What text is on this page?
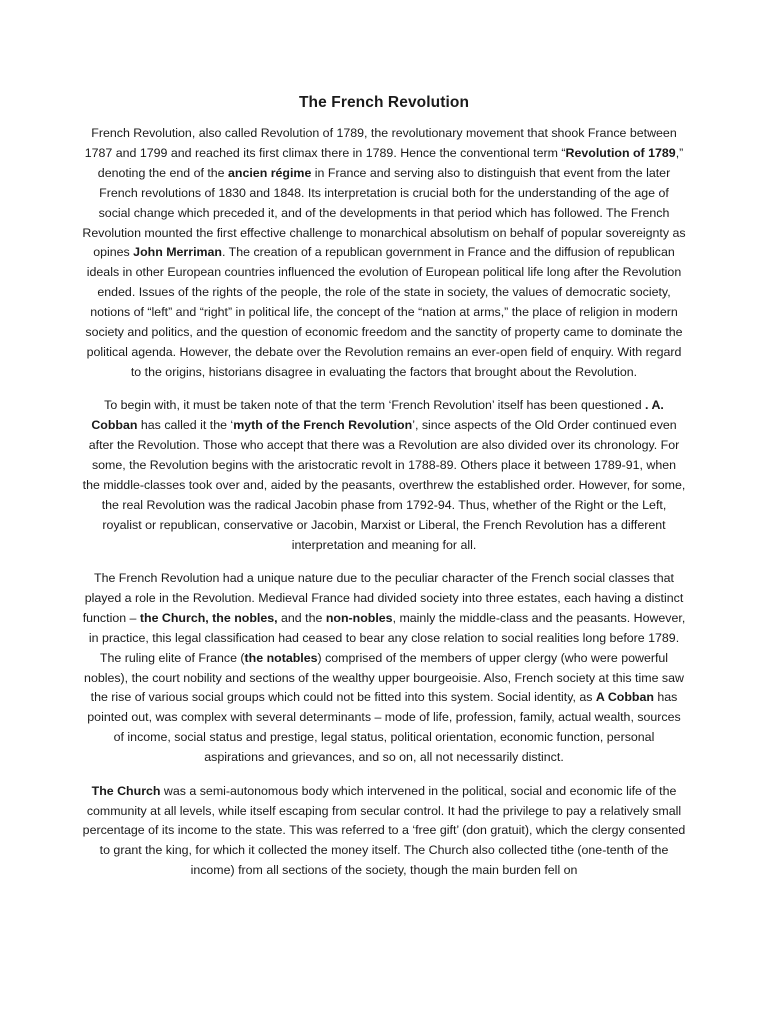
The French Revolution

French Revolution, also called Revolution of 1789, the revolutionary movement that shook France between 1787 and 1799 and reached its first climax there in 1789. Hence the conventional term “Revolution of 1789,” denoting the end of the ancien régime in France and serving also to distinguish that event from the later French revolutions of 1830 and 1848. Its interpretation is crucial both for the understanding of the age of social change which preceded it, and of the developments in that period which has followed. The French Revolution mounted the first effective challenge to monarchical absolutism on behalf of popular sovereignty as opines John Merriman. The creation of a republican government in France and the diffusion of republican ideals in other European countries influenced the evolution of European political life long after the Revolution ended. Issues of the rights of the people, the role of the state in society, the values of democratic society, notions of “left” and “right” in political life, the concept of the “nation at arms,” the place of religion in modern society and politics, and the question of economic freedom and the sanctity of property came to dominate the political agenda. However, the debate over the Revolution remains an ever-open field of enquiry. With regard to the origins, historians disagree in evaluating the factors that brought about the Revolution.

To begin with, it must be taken note of that the term ‘French Revolution’ itself has been questioned . A. Cobban has called it the ‘myth of the French Revolution’, since aspects of the Old Order continued even after the Revolution. Those who accept that there was a Revolution are also divided over its chronology. For some, the Revolution begins with the aristocratic revolt in 1788-89. Others place it between 1789-91, when the middle-classes took over and, aided by the peasants, overthrew the established order. However, for some, the real Revolution was the radical Jacobin phase from 1792-94. Thus, whether of the Right or the Left, royalist or republican, conservative or Jacobin, Marxist or Liberal, the French Revolution has a different interpretation and meaning for all.

The French Revolution had a unique nature due to the peculiar character of the French social classes that played a role in the Revolution. Medieval France had divided society into three estates, each having a distinct function – the Church, the nobles, and the non-nobles, mainly the middle-class and the peasants. However, in practice, this legal classification had ceased to bear any close relation to social realities long before 1789. The ruling elite of France (the notables) comprised of the members of upper clergy (who were powerful nobles), the court nobility and sections of the wealthy upper bourgeoisie. Also, French society at this time saw the rise of various social groups which could not be fitted into this system. Social identity, as A Cobban has pointed out, was complex with several determinants – mode of life, profession, family, actual wealth, sources of income, social status and prestige, legal status, political orientation, economic function, personal aspirations and grievances, and so on, all not necessarily distinct.

The Church was a semi-autonomous body which intervened in the political, social and economic life of the community at all levels, while itself escaping from secular control. It had the privilege to pay a relatively small percentage of its income to the state. This was referred to a ‘free gift’ (don gratuit), which the clergy consented to grant the king, for which it collected the money itself. The Church also collected tithe (one-tenth of the income) from all sections of the society, though the main burden fell on
